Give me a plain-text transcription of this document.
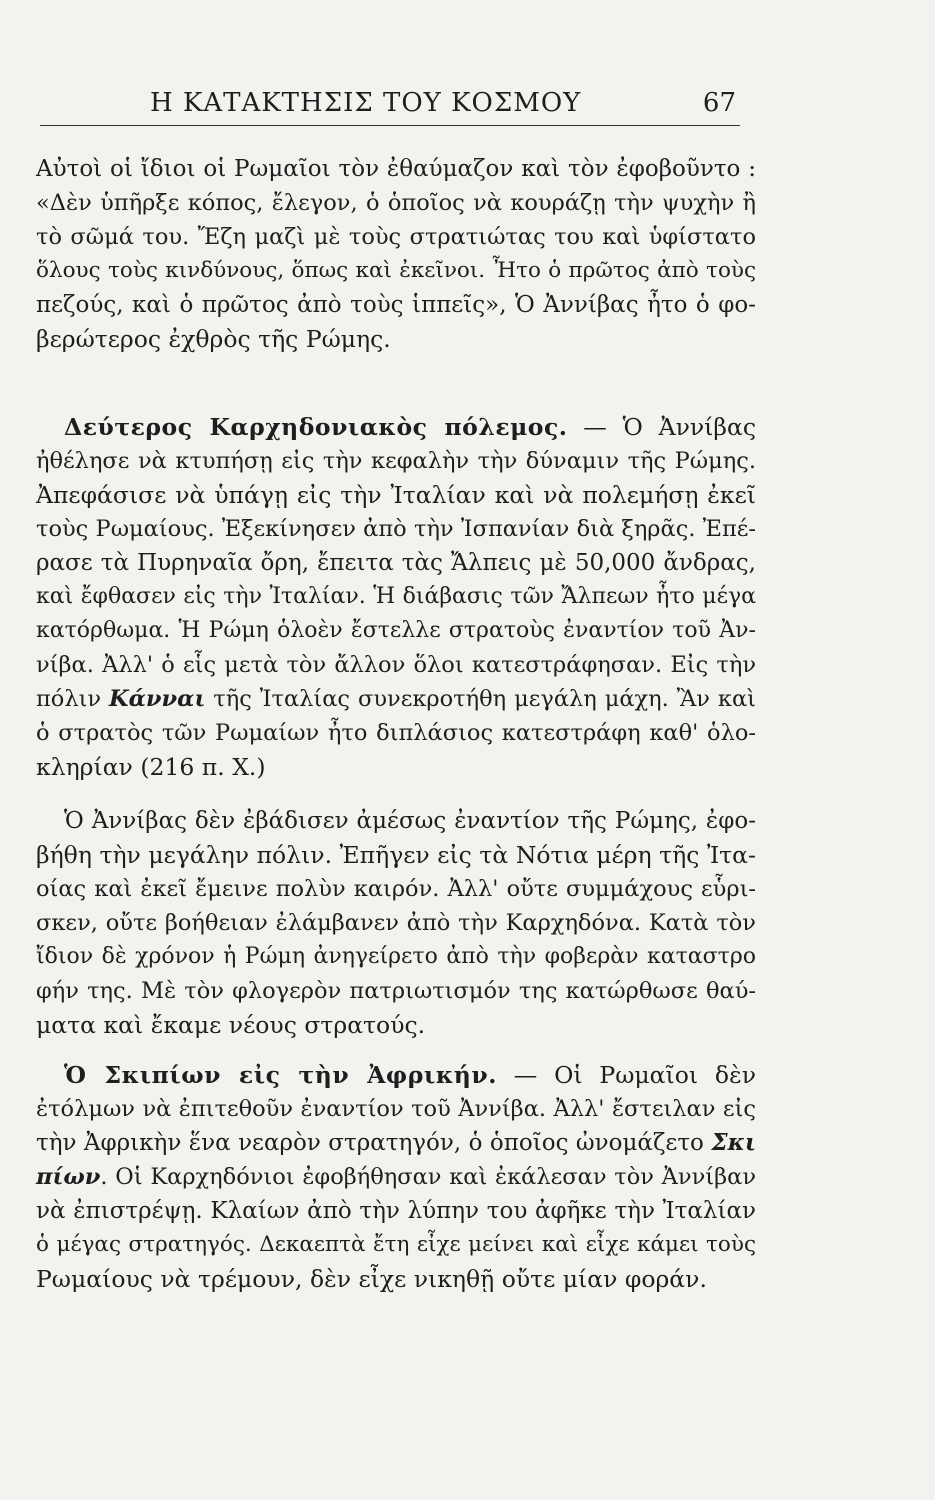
Η ΚΑΤΑΚΤΗΣΙΣ ΤΟΥ ΚΟΣΜΟΥ	67
Αὐτοὶ οἱ ἴδιοι οἱ Ρωμαῖοι τὸν ἐθαύμαζον καὶ τὸν ἐφοβοῦντο :
«Δὲν ὑπῆρξε κόπος, ἔλεγον, ὁ ὁποῖος νὰ κουράζῃ τὴν ψυχὴν ἢ
τὸ σῶμά του. Ἔζη μαζὶ μὲ τοὺς στρατιώτας του καὶ ὑφίστατο
ὅλους τοὺς κινδύνους, ὅπως καὶ ἐκεῖνοι. Ἦτο ὁ πρῶτος ἀπὸ τοὺς
πεζούς, καὶ ὁ πρῶτος ἀπὸ τοὺς ἱππεῖς», Ὁ Ἀννίβας ἦτο ὁ φο-
βερώτερος ἐχθρὸς τῆς Ρώμης.
Δεύτερος Καρχηδονιακὸς πόλεμος. — Ὁ Ἀννίβας
ἠθέλησε νὰ κτυπήσῃ εἰς τὴν κεφαλὴν τὴν δύναμιν τῆς Ρώμης.
Ἀπεφάσισε νὰ ὑπάγῃ εἰς τὴν Ἰταλίαν καὶ νὰ πολεμήσῃ ἐκεῖ
τοὺς Ρωμαίους. Ἐξεκίνησεν ἀπὸ τὴν Ἰσπανίαν διὰ ξηρᾶς. Ἐπέ-
ρασε τὰ Πυρηναῖα ὄρη, ἔπειτα τὰς Ἄλπεις μὲ 50,000 ἄνδρας,
καὶ ἔφθασεν εἰς τὴν Ἰταλίαν. Ἡ διάβασις τῶν Ἄλπεων ἦτο μέγα
κατόρθωμα. Ἡ Ρώμη ὁλοὲν ἔστελλε στρατοὺς ἐναντίον τοῦ Ἀν-
νίβα. Ἀλλ' ὁ εἷς μετὰ τὸν ἄλλον ὅλοι κατεστράφησαν. Εἰς τὴν
πόλιν Κάνναι τῆς Ἰταλίας συνεκροτήθη μεγάλη μάχη. Ἂν καὶ
ὁ στρατὸς τῶν Ρωμαίων ἦτο διπλάσιος κατεστράφη καθ' ὁλο-
κληρίαν (216 π. Χ.)
Ὁ Ἀννίβας δὲν ἐβάδισεν ἀμέσως ἐναντίον τῆς Ρώμης, ἐφο-
βήθη τὴν μεγάλην πόλιν. Ἐπῆγεν εἰς τὰ Νότια μέρη τῆς Ἰτα-
οίας καὶ ἐκεῖ ἔμεινε πολὺν καιρόν. Ἀλλ' οὔτε συμμάχους εὗρι-
σκεν, οὔτε βοήθειαν ἐλάμβανεν ἀπὸ τὴν Καρχηδόνα. Κατὰ τὸν
ἴδιον δὲ χρόνον ἡ Ρώμη ἀνηγείρετο ἀπὸ τὴν φοβερὰν καταστρο
φήν της. Μὲ τὸν φλογερὸν πατριωτισμόν της κατώρθωσε θαύ-
ματα καὶ ἔκαμε νέους στρατούς.
Ὁ Σκιπίων εἰς τὴν Ἀφρικήν. — Οἱ Ρωμαῖοι δὲν
ἐτόλμων νὰ ἐπιτεθοῦν ἐναντίον τοῦ Ἀννίβα. Ἀλλ' ἔστειλαν εἰς
τὴν Ἀφρικὴν ἕνα νεαρὸν στρατηγόν, ὁ ὁποῖος ὠνομάζετο Σκι
πίων. Οἱ Καρχηδόνιοι ἐφοβήθησαν καὶ ἐκάλεσαν τὸν Ἀννίβαν
νὰ ἐπιστρέψῃ. Κλαίων ἀπὸ τὴν λύπην του ἀφῆκε τὴν Ἰταλίαν
ὁ μέγας στρατηγός. Δεκαεπτὰ ἔτη εἶχε μείνει καὶ εἶχε κάμει τοὺς
Ρωμαίους νὰ τρέμουν, δὲν εἶχε νικηθῇ οὔτε μίαν φοράν.
